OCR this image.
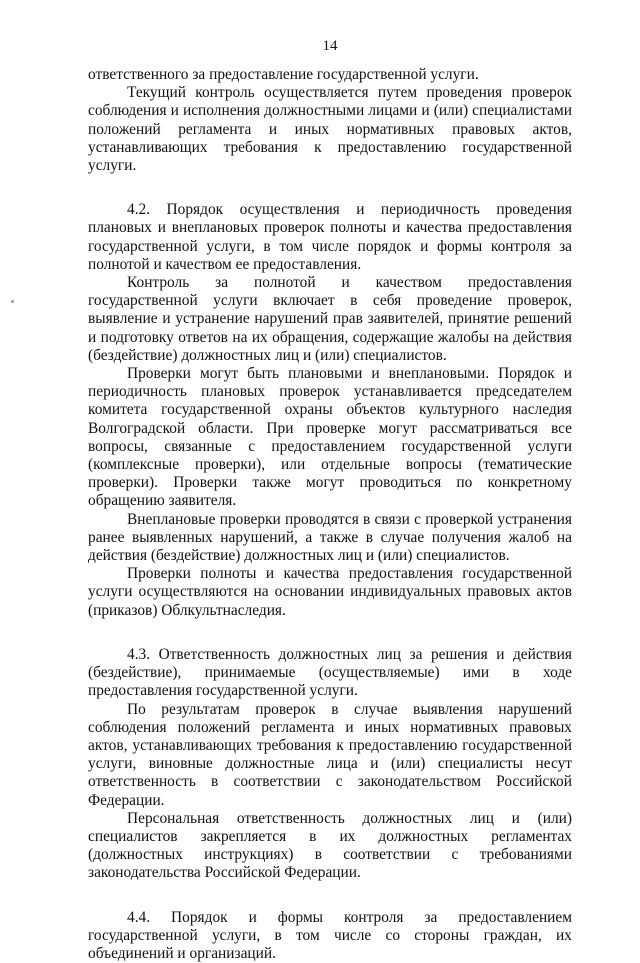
14

ответственного за предоставление государственной услуги.

Текущий контроль осуществляется путем проведения проверок соблюдения и исполнения должностными лицами и (или) специалистами положений регламента и иных нормативных правовых актов, устанавливающих требования к предоставлению государственной услуги.

4.2. Порядок осуществления и периодичность проведения плановых и внеплановых проверок полноты и качества предоставления государственной услуги, в том числе порядок и формы контроля за полнотой и качеством ее предоставления.

Контроль за полнотой и качеством предоставления государственной услуги включает в себя проведение проверок, выявление и устранение нарушений прав заявителей, принятие решений и подготовку ответов на их обращения, содержащие жалобы на действия (бездействие) должностных лиц и (или) специалистов.

Проверки могут быть плановыми и внеплановыми. Порядок и периодичность плановых проверок устанавливается председателем комитета государственной охраны объектов культурного наследия Волгоградской области. При проверке могут рассматриваться все вопросы, связанные с предоставлением государственной услуги (комплексные проверки), или отдельные вопросы (тематические проверки). Проверки также могут проводиться по конкретному обращению заявителя.

Внеплановые проверки проводятся в связи с проверкой устранения ранее выявленных нарушений, а также в случае получения жалоб на действия (бездействие) должностных лиц и (или) специалистов.

Проверки полноты и качества предоставления государственной услуги осуществляются на основании индивидуальных правовых актов (приказов) Облкультнаследия.

4.3. Ответственность должностных лиц за решения и действия (бездействие), принимаемые (осуществляемые) ими в ходе предоставления государственной услуги.

По результатам проверок в случае выявления нарушений соблюдения положений регламента и иных нормативных правовых актов, устанавливающих требования к предоставлению государственной услуги, виновные должностные лица и (или) специалисты несут ответственность в соответствии с законодательством Российской Федерации.

Персональная ответственность должностных лиц и (или) специалистов закрепляется в их должностных регламентах (должностных инструкциях) в соответствии с требованиями законодательства Российской Федерации.

4.4. Порядок и формы контроля за предоставлением государственной услуги, в том числе со стороны граждан, их объединений и организаций.
